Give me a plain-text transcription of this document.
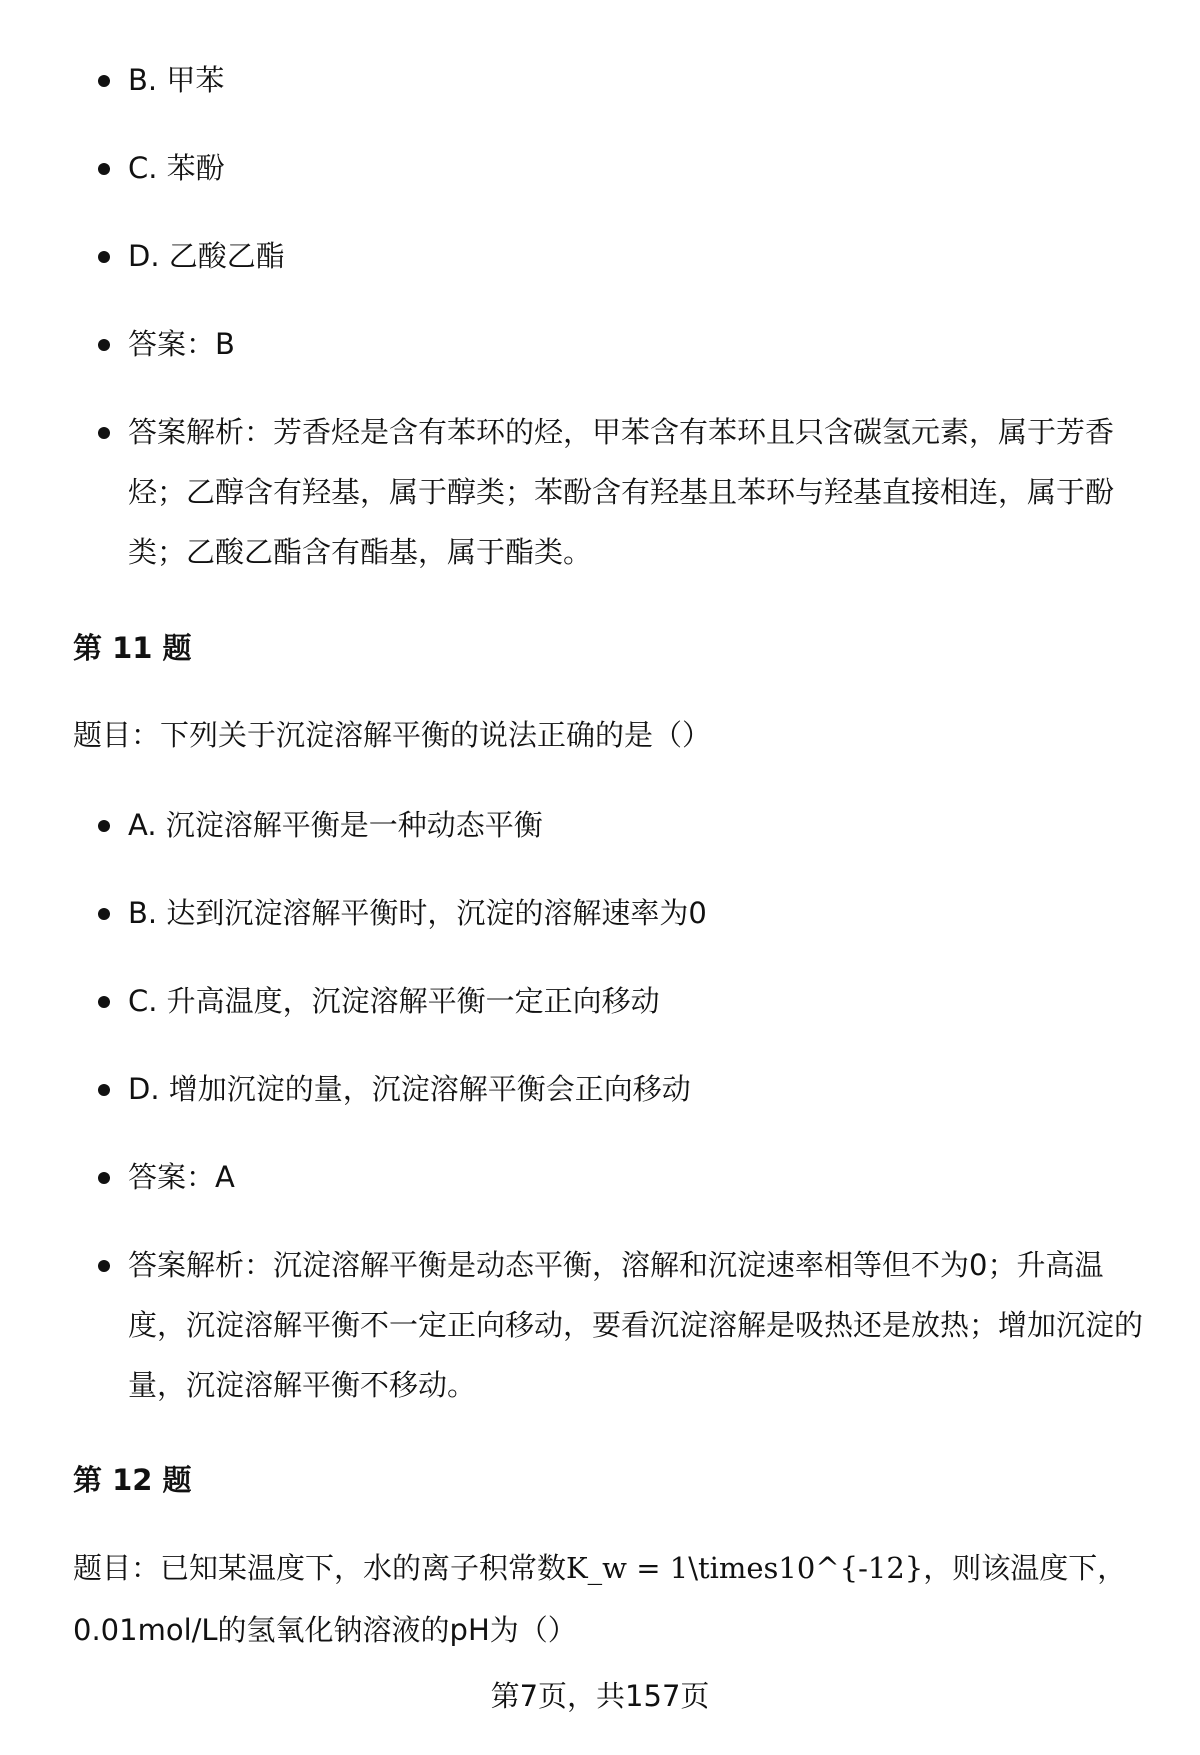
B. 甲苯
C. 苯酚
D. 乙酸乙酯
答案：B
答案解析：芳香烃是含有苯环的烃，甲苯含有苯环且只含碳氢元素，属于芳香烃；乙醇含有羟基，属于醇类；苯酚含有羟基且苯环与羟基直接相连，属于酚类；乙酸乙酯含有酯基，属于酯类。
第 11 题
题目：下列关于沉淀溶解平衡的说法正确的是（）
A. 沉淀溶解平衡是一种动态平衡
B. 达到沉淀溶解平衡时，沉淀的溶解速率为0
C. 升高温度，沉淀溶解平衡一定正向移动
D. 增加沉淀的量，沉淀溶解平衡会正向移动
答案：A
答案解析：沉淀溶解平衡是动态平衡，溶解和沉淀速率相等但不为0；升高温度，沉淀溶解平衡不一定正向移动，要看沉淀溶解是吸热还是放热；增加沉淀的量，沉淀溶解平衡不移动。
第 12 题
题目：已知某温度下，水的离子积常数K_w = 1\times10^{-12}，则该温度下，0.01mol/L的氢氧化钠溶液的pH为（）
第7页，共157页
